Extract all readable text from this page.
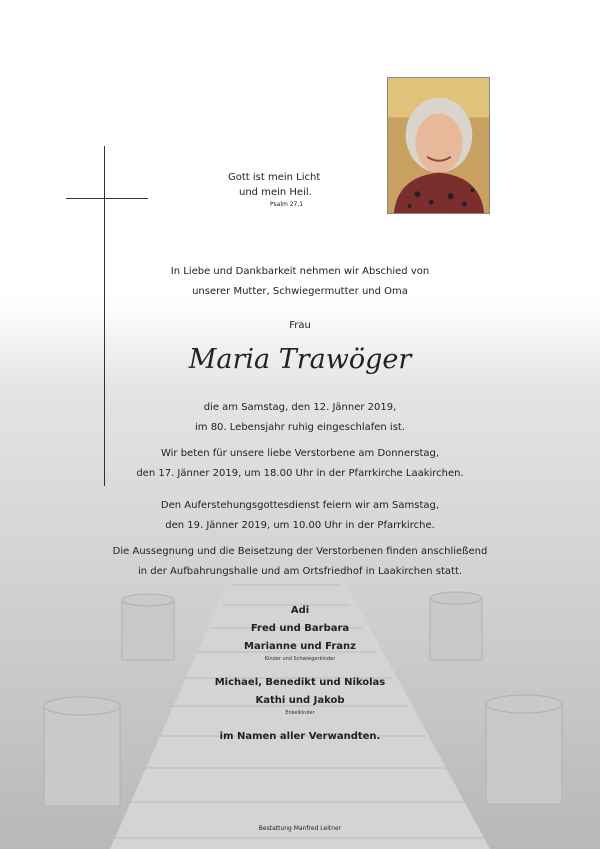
Gott ist mein Licht
und mein Heil.
Psalm 27,1
In Liebe und Dankbarkeit nehmen wir Abschied von
unserer Mutter, Schwiegermutter und Oma
Frau
Maria Trawöger
die am Samstag, den 12. Jänner 2019,
im 80. Lebensjahr ruhig eingeschlafen ist.
Wir beten für unsere liebe Verstorbene am Donnerstag,
den 17. Jänner 2019, um 18.00 Uhr in der Pfarrkirche Laakirchen.
Den Auferstehungsgottesdienst feiern wir am Samstag,
den 19. Jänner 2019, um 10.00 Uhr in der Pfarrkirche.
Die Aussegnung und die Beisetzung der Verstorbenen finden anschließend
in der Aufbahrungshalle und am Ortsfriedhof in Laakirchen statt.
Adi
Fred und Barbara
Marianne und Franz
Kinder und Schwiegerkinder
Michael, Benedikt und Nikolas
Kathi und Jakob
Enkelkinder
im Namen aller Verwandten.
Bestattung Manfred Leitner
